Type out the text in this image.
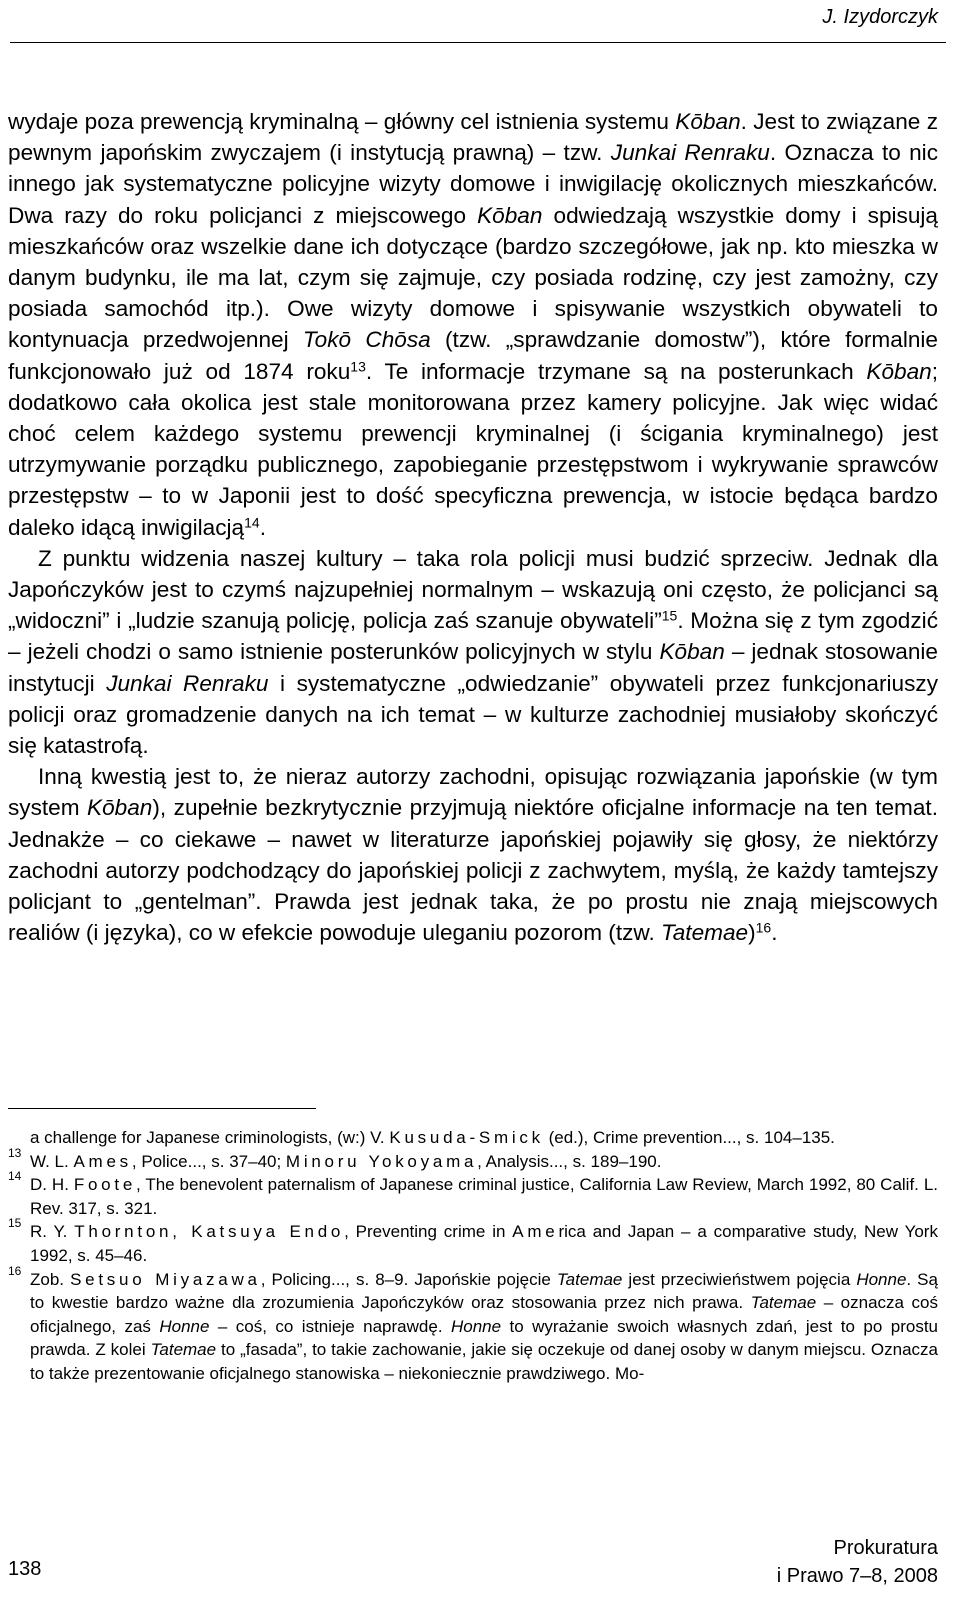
J. Izydorczyk

wydaje poza prewencją kryminalną – główny cel istnienia systemu Kōban. Jest to związane z pewnym japońskim zwyczajem (i instytucją prawną) – tzw. Junkai Renraku. Oznacza to nic innego jak systematyczne policyjne wizyty domowe i inwigilację okolicznych mieszkańców. Dwa razy do roku policjanci z miejscowego Kōban odwiedzają wszystkie domy i spisują mieszkańców oraz wszelkie dane ich dotyczące (bardzo szczegółowe, jak np. kto mieszka w danym budynku, ile ma lat, czym się zajmuje, czy posiada rodzinę, czy jest zamożny, czy posiada samochód itp.). Owe wizyty domowe i spisywanie wszystkich obywateli to kontynuacja przedwojennej Tokō Chōsa (tzw. „sprawdzanie domostw”), które formalnie funkcjonowało już od 1874 roku$^{13}$. Te informacje trzymane są na posterunkach Kōban; dodatkowo cała okolica jest stale monitorowana przez kamery policyjne. Jak więc widać choć celem każdego systemu prewencji kryminalnej (i ścigania kryminalnego) jest utrzymywanie porządku publicznego, zapobieganie przestępstwom i wykrywanie sprawców przestępstw – to w Japonii jest to dość specyficzna prewencja, w istocie będąca bardzo daleko idącą inwigilacją$^{14}$.

Z punktu widzenia naszej kultury – taka rola policji musi budzić sprzeciw. Jednak dla Japończyków jest to czymś najzupełniej normalnym – wskazują oni często, że policjanci są „widoczni” i „ludzie szanują policję, policja zaś szanuje obywateli”$^{15}$. Można się z tym zgodzić – jeżeli chodzi o samo istnienie posterunków policyjnych w stylu Kōban – jednak stosowanie instytucji Junkai Renraku i systematyczne „odwiedzanie” obywateli przez funkcjonariuszy policji oraz gromadzenie danych na ich temat – w kulturze zachodniej musiałoby skończyć się katastrofą.

Inną kwestią jest to, że nieraz autorzy zachodni, opisując rozwiązania japońskie (w tym system Kōban), zupełnie bezkrytycznie przyjmują niektóre oficjalne informacje na ten temat. Jednakże – co ciekawe – nawet w literaturze japońskiej pojawiły się głosy, że niektórzy zachodni autorzy podchodzący do japońskiej policji z zachwytem, myślą, że każdy tamtejszy policjant to „gentelman”. Prawda jest jednak taka, że po prostu nie znają miejscowych realiów (i języka), co w efekcie powoduje uleganiu pozorom (tzw. Tatemae)$^{16}$.

a challenge for Japanese criminologists, (w:) V. Kusuda-Smick (ed.), Crime prevention..., s. 104–135.
13 W. L. Ames, Police..., s. 37–40; Minoru Yokoyama, Analysis..., s. 189–190.
14 D. H. Foote, The benevolent paternalism of Japanese criminal justice, California Law Review, March 1992, 80 Calif. L. Rev. 317, s. 321.
15 R. Y. Thornton, Katsuya Endo, Preventing crime in America and Japan – a comparative study, New York 1992, s. 45–46.
16 Zob. Setsuo Miyazawa, Policing..., s. 8–9. Japońskie pojęcie Tatemae jest przeciwieństwem pojęcia Honne. Są to kwestie bardzo ważne dla zrozumienia Japończyków oraz stosowania przez nich prawa. Tatemae – oznacza coś oficjalnego, zaś Honne – coś, co istnieje naprawdę. Honne to wyrażanie swoich własnych zdań, jest to po prostu prawda. Z kolei Tatemae to „fasada”, to takie zachowanie, jakie się oczekuje od danej osoby w danym miejscu. Oznacza to także prezentowanie oficjalnego stanowiska – niekoniecznie prawdziwego. Mo-
138
Prokuratura
i Prawo 7–8, 2008
